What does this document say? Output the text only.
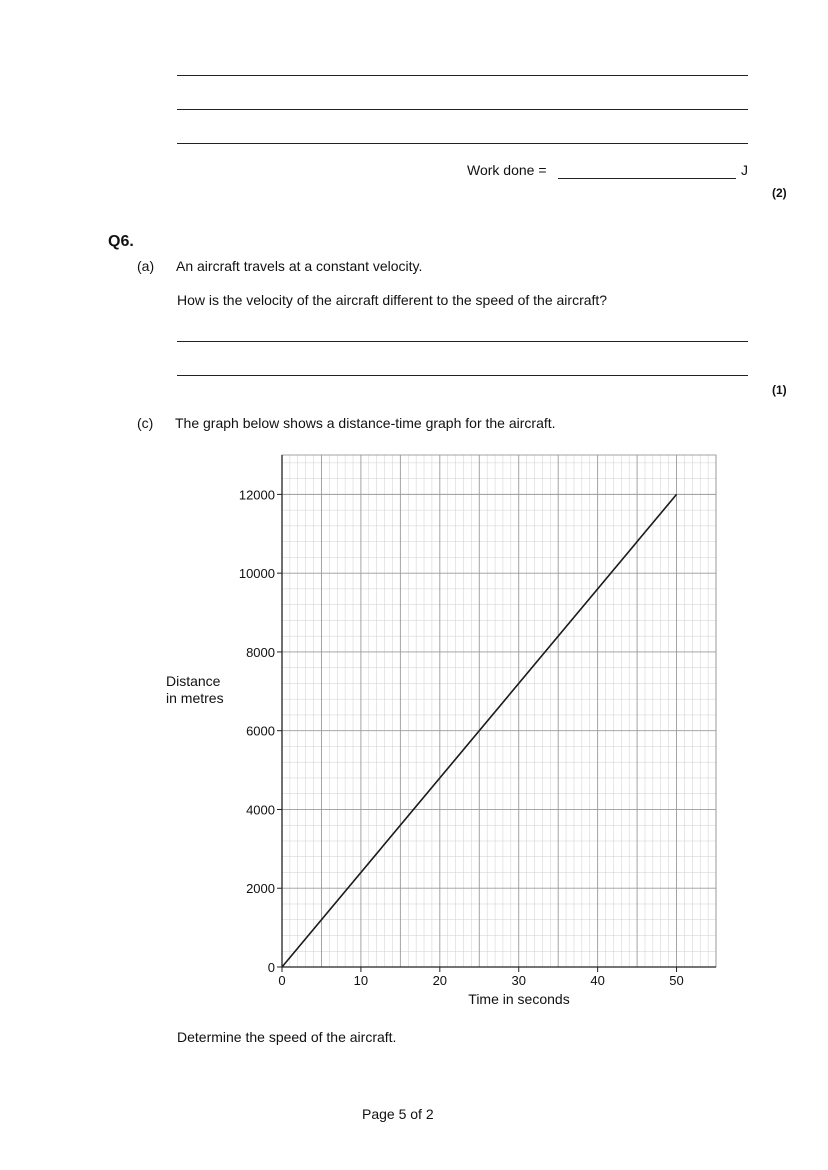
Work done =	J
(2)
Q6.
(a) An aircraft travels at a constant velocity.
How is the velocity of the aircraft different to the speed of the aircraft?
(1)
(c) The graph below shows a distance-time graph for the aircraft.
0	10	20	30	40	50
0
2000
4000
6000
8000
10000
12000
Time in seconds
Distance
in metres
Determine the speed of the aircraft.
Page 5 of 2
